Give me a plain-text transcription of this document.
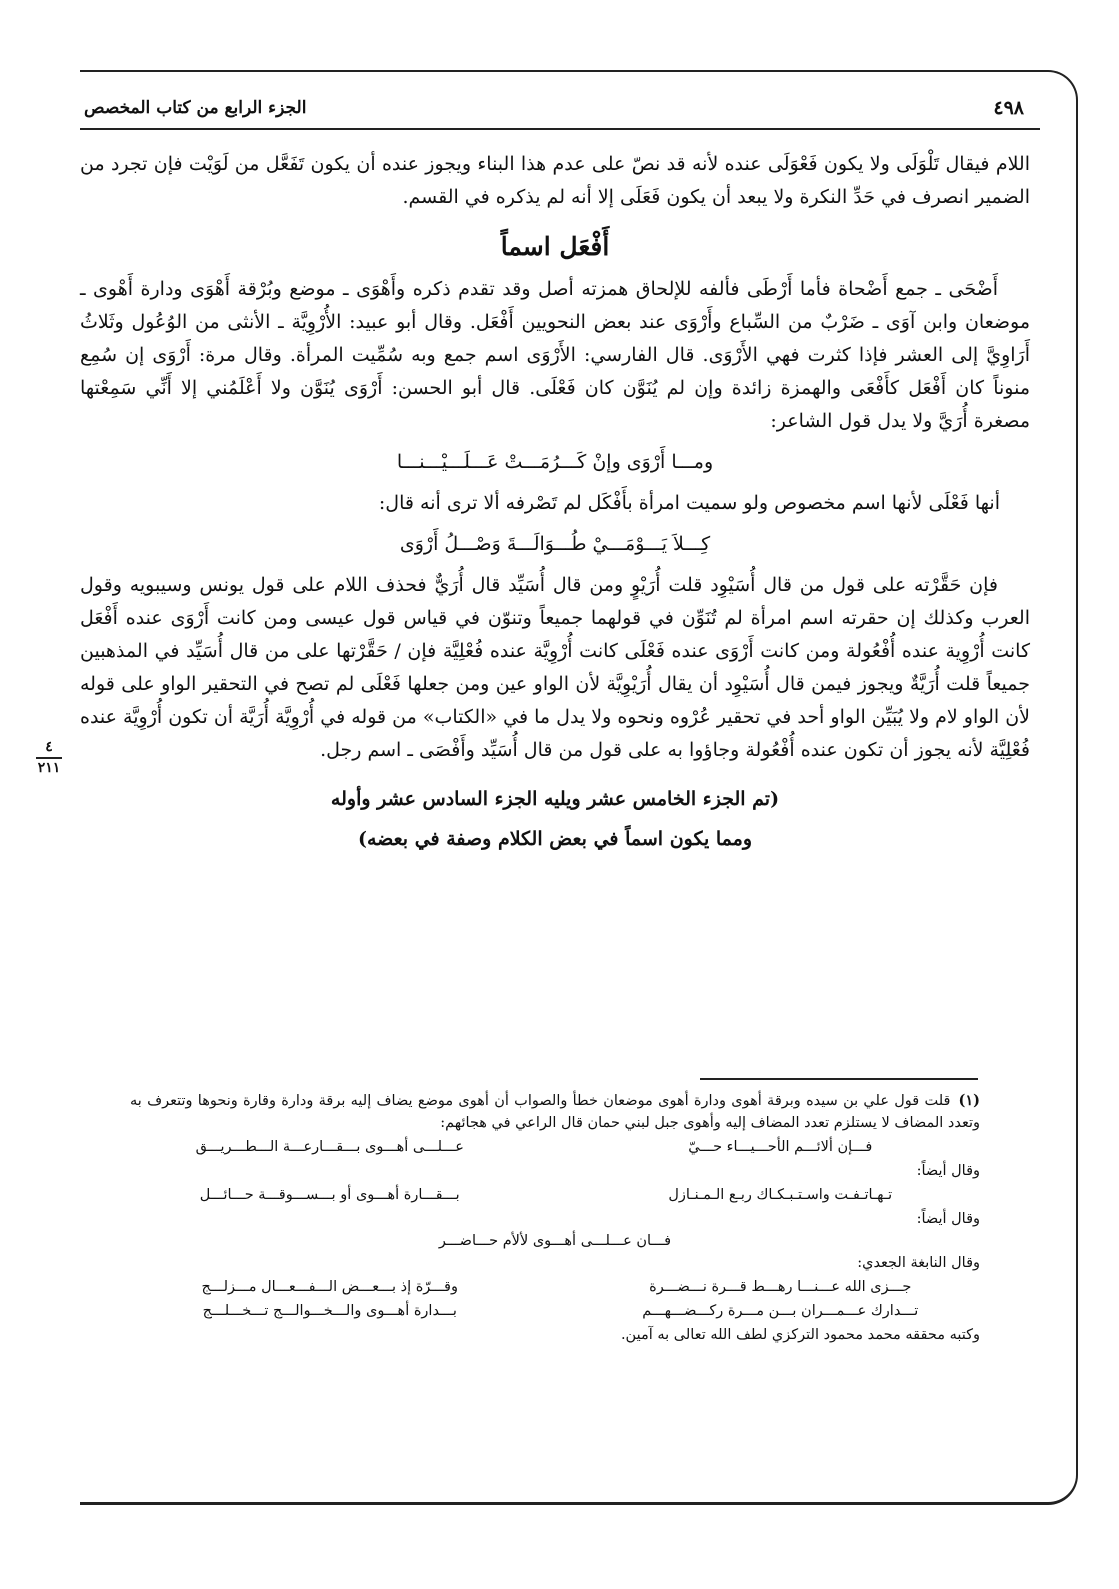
الجزء الرابع من كتاب المخصص	٤٩٨

اللام فيقال تَلْوَلَى ولا يكون فَعْوَلَى عنده لأنه قد نصّ على عدم هذا البناء ويجوز عنده أن يكون تَفَعَّل من لَوَيْت فإن تجرد من الضمير انصرف في حَدِّ النكرة ولا يبعد أن يكون فَعَلَى إلا أنه لم يذكره في القسم.

أَفْعَل اسماً

أَضْحَى ـ جمع أَضْحاة فأما أَرْطَى فألفه للإلحاق همزته أصل وقد تقدم ذكره وأَهْوَى ـ موضع وبُرْقة أَهْوَى ودارة أَهْوى ـ موضعان وابن آوَى ـ ضَرْبٌ من السِّباع وأَرْوَى عند بعض النحويين أَفْعَل. وقال أبو عبيد: الأُرْوِيَّة ـ الأنثى من الوُعُول وثَلاثُ أَرَاوِيَّ إلى العشر فإذا كثرت فهي الأَرْوَى. قال الفارسي: الأَرْوَى اسم جمع وبه سُمِّيت المرأة. وقال مرة: أَرْوَى إن سُمِع منوناً كان أَفْعَل كأَفْعَى والهمزة زائدة وإن لم يُنَوَّن كان فَعْلَى. قال أبو الحسن: أَرْوَى يُنَوَّن ولا أَعْلَمُني إلا أَنِّي سَمِعْتها مصغرة أُرَيَّ ولا يدل قول الشاعر:

ومـــا أَرْوَى وإنْ كَـــرُمَـــتْ عَـــلَـــيْـــنـــا

أنها فَعْلَى لأنها اسم مخصوص ولو سميت امرأة بأَفْكَل لم تَصْرفه ألا ترى أنه قال:

كِـــلاَ يَـــوْمَـــيْ طُـــوَالَـــةَ وَصْـــلُ أَرْوَى

فإن حَقَّرْته على قول من قال أُسَيْوِد قلت أُرَيْوٍ ومن قال أُسَيِّد قال أُرَيٌّ فحذف اللام على قول يونس وسيبويه وقول العرب وكذلك إن حقرته اسم امرأة لم تُنَوِّن في قولهما جميعاً وتنوّن في قياس قول عيسى ومن كانت أَرْوَى عنده أَفْعَل كانت أُرْوِية عنده أُفْعُولة ومن كانت أَرْوَى عنده فَعْلَى كانت أُرْوِيَّة عنده فُعْلِيَّة فإن / حَقَّرْتها على من قال أُسَيِّد في المذهبين جميعاً قلت أُرَيَّةٌ ويجوز فيمن قال أُسَيْوِد أن يقال أُرَيْوِيَّة لأن الواو عين ومن جعلها فَعْلَى لم تصح في التحقير الواو على قوله لأن الواو لام ولا يُبَيِّن الواو أحد في تحقير عُرْوه ونحوه ولا يدل ما في «الكتاب» من قوله في أُرْوِيَّة أُرَيَّة أن تكون أُرْوِيَّة عنده فُعْلِيَّة لأنه يجوز أن تكون عنده أُفْعُولة وجاؤوا به على قول من قال أُسَيِّد وأَفْصَى ـ اسم رجل.

(تم الجزء الخامس عشر ويليه الجزء السادس عشر وأوله

ومما يكون اسماً في بعض الكلام وصفة في بعضه)

٤
٢١١

(١)قلت قول علي بن سيده وبرقة أهوى ودارة أهوى موضعان خطأ والصواب أن أهوى موضع يضاف إليه برقة ودارة وقارة ونحوها وتتعرف به وتعدد المضاف لا يستلزم تعدد المضاف إليه وأهوى جبل لبني حمان قال الراعي في هجائهم:

فـــإن ألائـــم الأحـــيـــاء حـــيّ
عـــلـــى أهـــوى بـــقـــارعـــة الـــطـــريـــق

وقال أيضاً:

تـهـاتـفـت واسـتـبـكـاك ربـع الـمـنـازل
بـــقـــارة أهـــوى أو بـــســـوقـــة حـــائـــل

وقال أيضاً:

فـــان عـــلـــى أهـــوى لألأم حـــاضـــر

وقال النابغة الجعدي:

جـــزى الله عـــنـــا رهـــط قـــرة نـــضـــرة
وقـــرّة إذ بـــعـــض الـــفـــعـــال مـــزلـــج
تـــدارك عـــمـــران بـــن مـــرة ركـــضـــهـــم
بـــدارة أهـــوى والـــخـــوالـــج تـــخـــلـــج

وكتبه محققه محمد محمود التركزي لطف الله تعالى به آمين.
